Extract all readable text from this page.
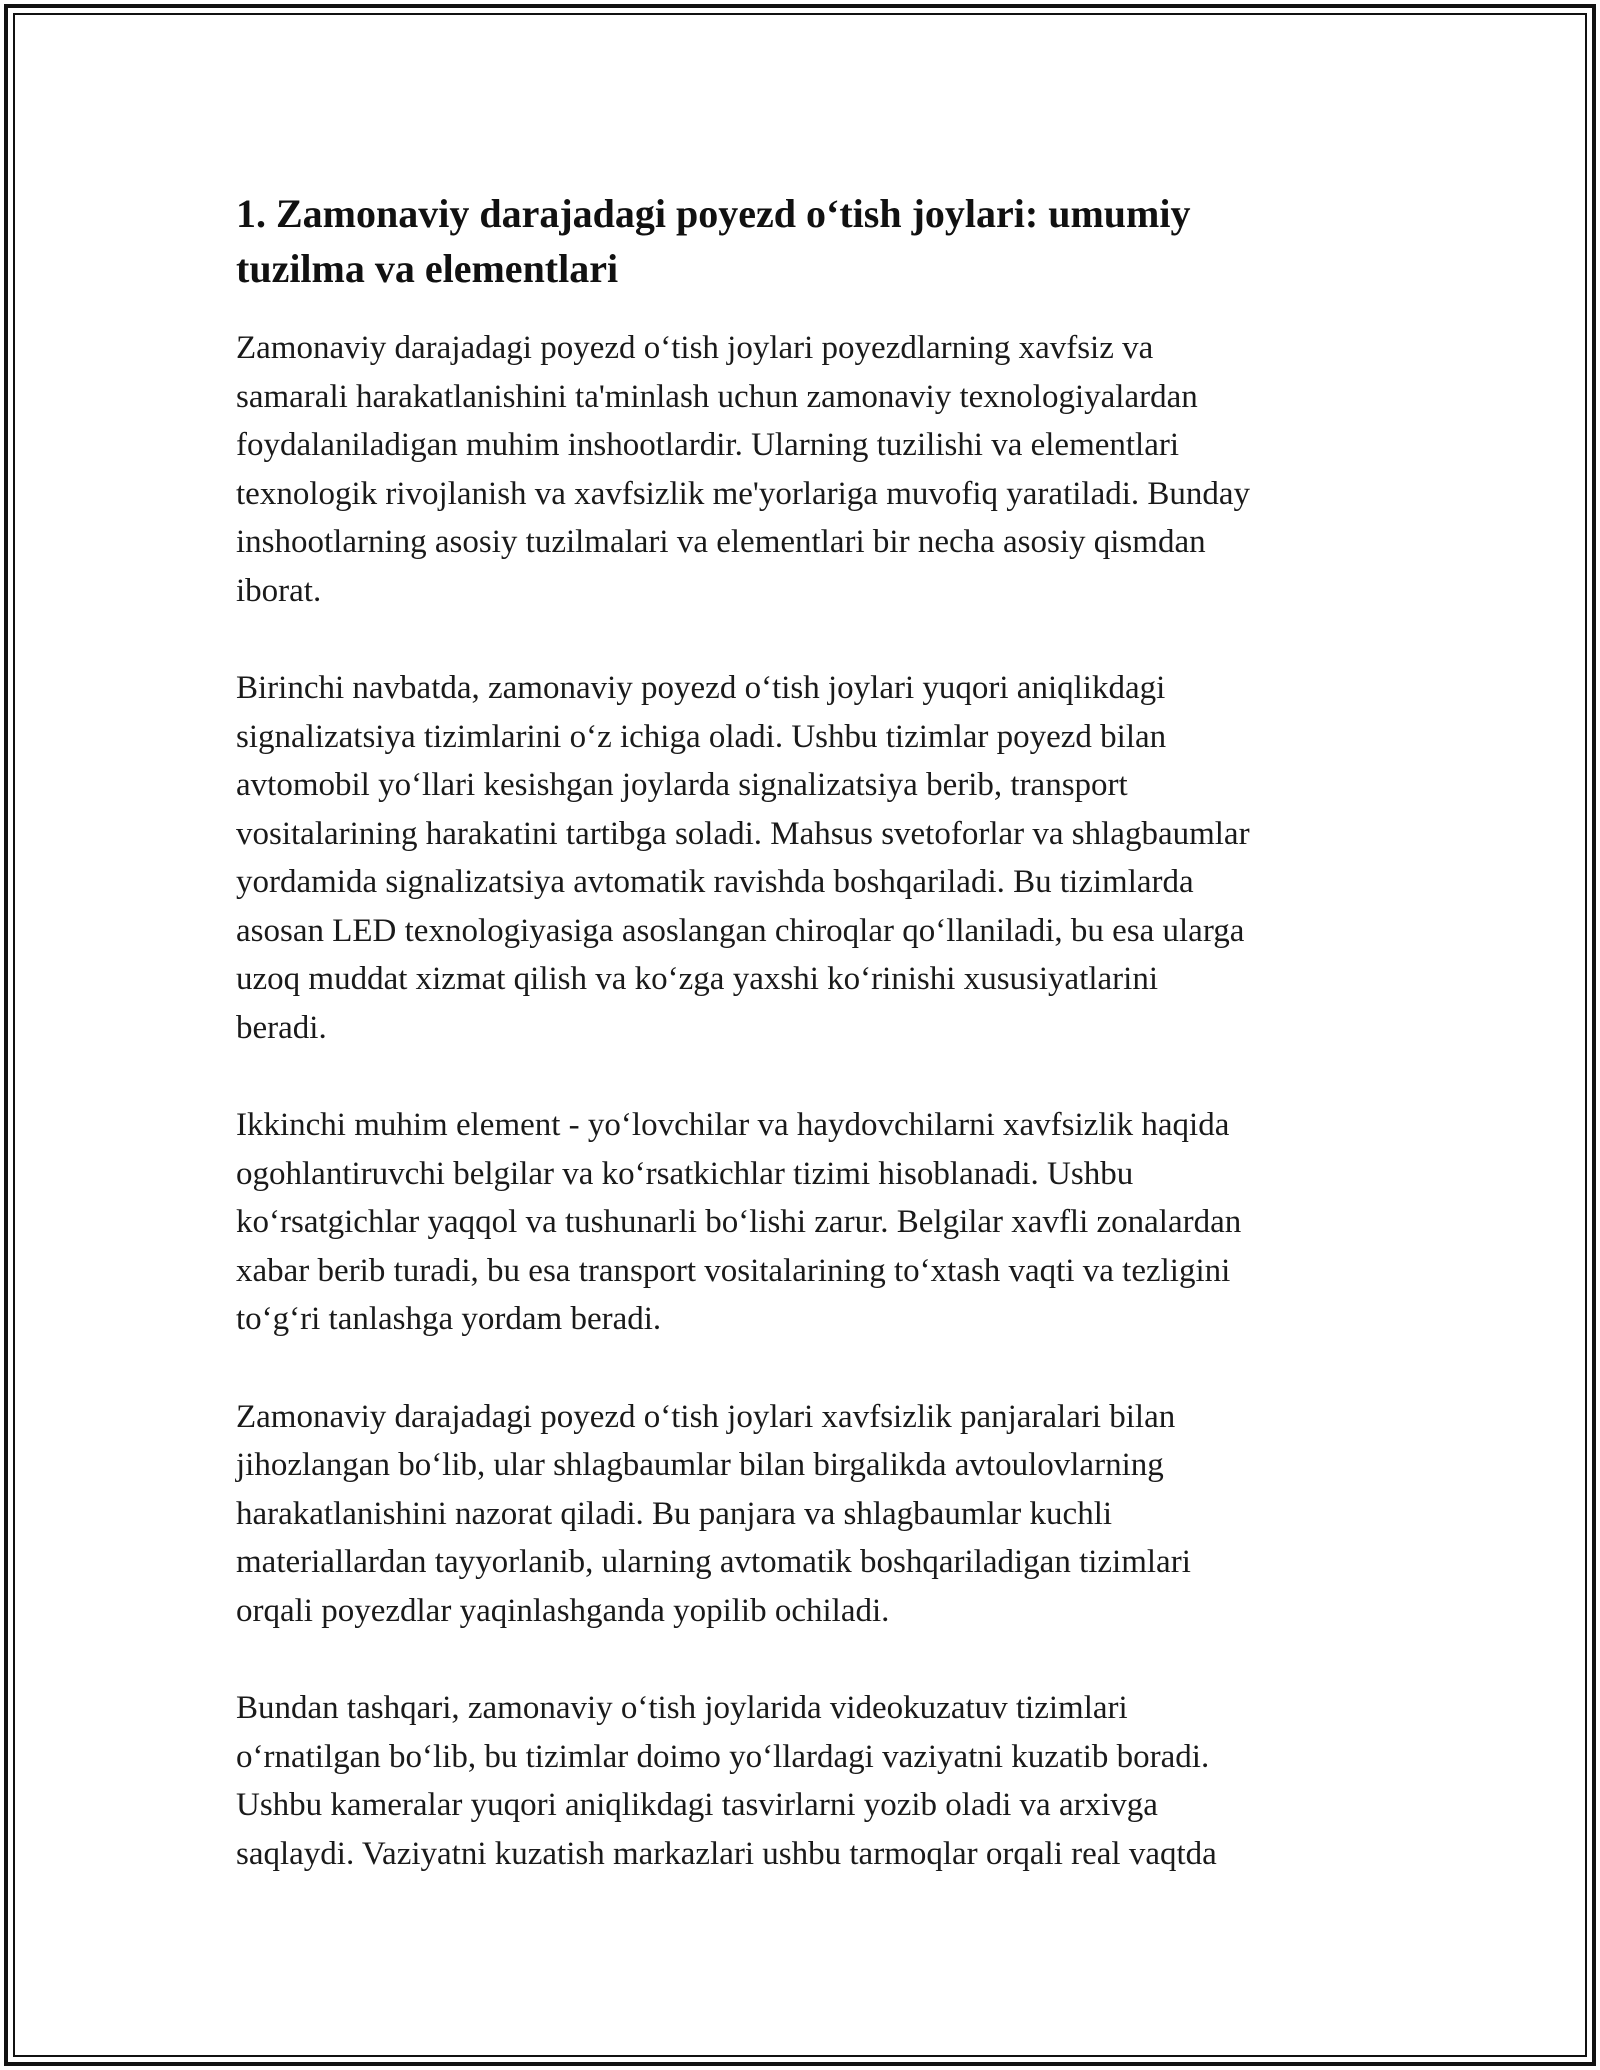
1. Zamonaviy darajadagi poyezd o‘tish joylari: umumiy
tuzilma va elementlari

Zamonaviy darajadagi poyezd o‘tish joylari poyezdlarning xavfsiz va
samarali harakatlanishini ta'minlash uchun zamonaviy texnologiyalardan
foydalaniladigan muhim inshootlardir. Ularning tuzilishi va elementlari
texnologik rivojlanish va xavfsizlik me'yorlariga muvofiq yaratiladi. Bunday
inshootlarning asosiy tuzilmalari va elementlari bir necha asosiy qismdan
iborat.

Birinchi navbatda, zamonaviy poyezd o‘tish joylari yuqori aniqlikdagi
signalizatsiya tizimlarini o‘z ichiga oladi. Ushbu tizimlar poyezd bilan
avtomobil yo‘llari kesishgan joylarda signalizatsiya berib, transport
vositalarining harakatini tartibga soladi. Mahsus svetoforlar va shlagbaumlar
yordamida signalizatsiya avtomatik ravishda boshqariladi. Bu tizimlarda
asosan LED texnologiyasiga asoslangan chiroqlar qo‘llaniladi, bu esa ularga
uzoq muddat xizmat qilish va ko‘zga yaxshi ko‘rinishi xususiyatlarini
beradi.

Ikkinchi muhim element - yo‘lovchilar va haydovchilarni xavfsizlik haqida
ogohlantiruvchi belgilar va ko‘rsatkichlar tizimi hisoblanadi. Ushbu
ko‘rsatgichlar yaqqol va tushunarli bo‘lishi zarur. Belgilar xavfli zonalardan
xabar berib turadi, bu esa transport vositalarining to‘xtash vaqti va tezligini
to‘g‘ri tanlashga yordam beradi.

Zamonaviy darajadagi poyezd o‘tish joylari xavfsizlik panjaralari bilan
jihozlangan bo‘lib, ular shlagbaumlar bilan birgalikda avtoulovlarning
harakatlanishini nazorat qiladi. Bu panjara va shlagbaumlar kuchli
materiallardan tayyorlanib, ularning avtomatik boshqariladigan tizimlari
orqali poyezdlar yaqinlashganda yopilib ochiladi.

Bundan tashqari, zamonaviy o‘tish joylarida videokuzatuv tizimlari
o‘rnatilgan bo‘lib, bu tizimlar doimo yo‘llardagi vaziyatni kuzatib boradi.
Ushbu kameralar yuqori aniqlikdagi tasvirlarni yozib oladi va arxivga
saqlaydi. Vaziyatni kuzatish markazlari ushbu tarmoqlar orqali real vaqtda
